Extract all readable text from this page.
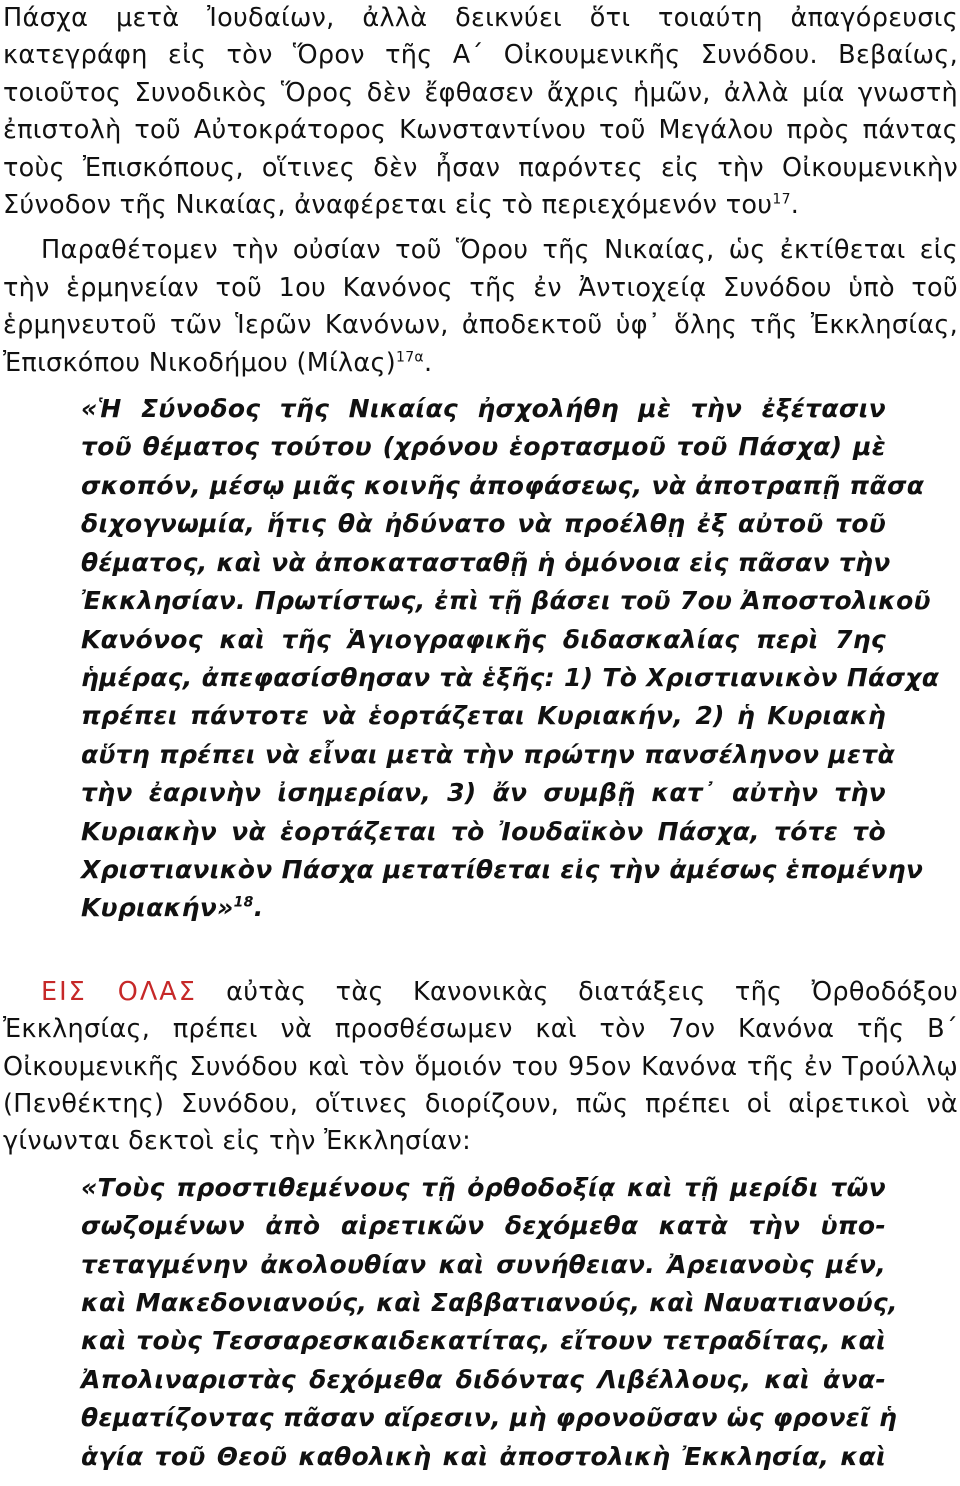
Πάσχα μετὰ Ἰουδαίων, ἀλλὰ δεικνύει ὅτι τοιαύτη ἀπαγόρευσις
κατεγράφη εἰς τὸν Ὅρον τῆς Α΄ Οἰκουμενικῆς Συνόδου. Βεβαίως,
τοιοῦτος Συνοδικὸς Ὅρος δὲν ἔφθασεν ἄχρις ἡμῶν, ἀλλὰ μία γνωστὴ
ἐπιστολὴ τοῦ Αὐτοκράτορος Κωνσταντίνου τοῦ Μεγάλου πρὸς πάντας
τοὺς Ἐπισκόπους, οἵτινες δὲν ἦσαν παρόντες εἰς τὴν Οἰκουμενικὴν
Σύνοδον τῆς Νικαίας, ἀναφέρεται εἰς τὸ περιεχόμενόν του$^{17}$.
Παραθέτομεν τὴν οὐσίαν τοῦ Ὅρου τῆς Νικαίας, ὡς ἐκτίθεται εἰς
τὴν ἑρμηνείαν τοῦ 1ου Κανόνος τῆς ἐν Ἀντιοχείᾳ Συνόδου ὑπὸ τοῦ
ἑρμηνευτοῦ τῶν Ἱερῶν Κανόνων, ἀποδεκτοῦ ὑφ᾽ ὅλης τῆς Ἐκκλησίας,
Ἐπισκόπου Νικοδήμου $(Mί\lambda\alpha\varsigma)^{17\alpha}$.
«Ἡ Σύνοδος τῆς Νικαίας ἠσχολήθη μὲ τὴν ἐξέτασιν
τοῦ θέματος τούτου (χρόνου ἑορτασμοῦ τοῦ Πάσχα) μὲ
σκοπόν, μέσῳ μιᾶς κοινῆς ἀποφάσεως, νὰ ἀποτραπῇ πᾶσα
διχογνωμία, ἥτις θὰ ἠδύνατο νὰ προέλθῃ ἐξ αὐτοῦ τοῦ
θέματος, καὶ νὰ ἀποκατασταθῇ ἡ ὁμόνοια εἰς πᾶσαν τὴν
Ἐκκλησίαν. Πρωτίστως, ἐπὶ τῇ βάσει τοῦ 7ου Ἀποστολικοῦ
Κανόνος καὶ τῆς Ἁγιογραφικῆς διδασκαλίας περὶ 7ης
ἡμέρας, ἀπεφασίσθησαν τὰ ἑξῆς: 1) Τὸ Χριστιανικὸν Πάσχα
πρέπει πάντοτε νὰ ἑορτάζεται Κυριακήν, 2) ἡ Κυριακὴ
αὕτη πρέπει νὰ εἶναι μετὰ τὴν πρώτην πανσέληνον μετὰ
τὴν ἐαρινὴν ἰσημερίαν, 3) ἄν συμβῇ κατ᾽ αὐτὴν τὴν
Κυριακὴν νὰ ἑορτάζεται τὸ Ἰουδαϊκὸν Πάσχα, τότε τὸ
Χριστιανικὸν Πάσχα μετατίθεται εἰς τὴν ἀμέσως ἑπομένην
Κυριακήν»$^{18}$.
ΕΙΣ ΟΛΑΣ αὐτὰς τὰς Κανονικὰς διατάξεις τῆς Ὀρθοδόξου
Ἐκκλησίας, πρέπει νὰ προσθέσωμεν καὶ τὸν 7ον Κανόνα τῆς Β΄
Οἰκουμενικῆς Συνόδου καὶ τὸν ὅμοιόν του 95ον Κανόνα τῆς ἐν Τρούλλῳ
(Πενθέκτης) Συνόδου, οἵτινες διορίζουν, πῶς πρέπει οἱ αἱρετικοὶ νὰ
γίνωνται δεκτοὶ εἰς τὴν Ἐκκλησίαν:
«Τοὺς προστιθεμένους τῇ ὀρθοδοξίᾳ καὶ τῇ μερίδι τῶν
σωζομένων ἀπὸ αἱρετικῶν δεχόμεθα κατὰ τὴν ὑπο-
τεταγμένην ἀκολουθίαν καὶ συνήθειαν. Ἀρειανοὺς μέν,
καὶ Μακεδονιανούς, καὶ Σαββατιανούς, καὶ Ναυατιανούς,
καὶ τοὺς Τεσσαρεσκαιδεκατίτας, εἴτουν τετραδίτας, καὶ
Ἀπολιναριστὰς δεχόμεθα διδόντας Λιβέλλους, καὶ ἀνα-
θεματίζοντας πᾶσαν αἵρεσιν, μὴ φρονοῦσαν ὡς φρονεῖ ἡ
ἁγία τοῦ Θεοῦ καθολικὴ καὶ ἀποστολικὴ Ἐκκλησία, καὶ
